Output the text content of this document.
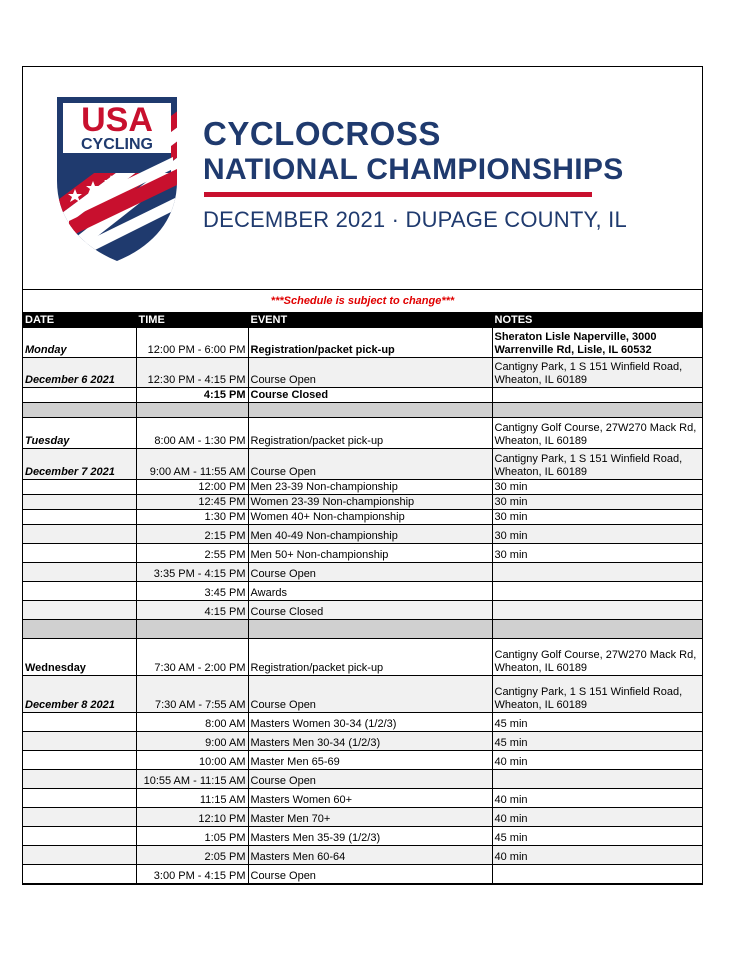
USA
CYCLING CYCLOCROSS
NATIONAL CHAMPIONSHIPS
DECEMBER 2021 · DUPAGE COUNTY, IL
***Schedule is subject to change***
DATE	TIME	EVENT	NOTES
Monday	12:00 PM - 6:00 PM	Registration/packet pick-up	Sheraton Lisle Naperville, 3000 Warrenville Rd, Lisle, IL 60532
December 6 2021	12:30 PM - 4:15 PM	Course Open	Cantigny Park, 1 S 151 Winfield Road, Wheaton, IL 60189
	4:15 PM	Course Closed	

Tuesday	8:00 AM - 1:30 PM	Registration/packet pick-up	Cantigny Golf Course, 27W270 Mack Rd, Wheaton, IL 60189
December 7 2021	9:00 AM - 11:55 AM	Course Open	Cantigny Park, 1 S 151 Winfield Road, Wheaton, IL 60189
	12:00 PM	Men 23-39 Non-championship	30 min
	12:45 PM	Women 23-39 Non-championship	30 min
	1:30 PM	Women 40+ Non-championship	30 min
	2:15 PM	Men 40-49 Non-championship	30 min
	2:55 PM	Men 50+ Non-championship	30 min
	3:35 PM - 4:15 PM	Course Open	
	3:45 PM	Awards	
	4:15 PM	Course Closed	

Wednesday	7:30 AM - 2:00 PM	Registration/packet pick-up	Cantigny Golf Course, 27W270 Mack Rd, Wheaton, IL 60189
December 8 2021	7:30 AM - 7:55 AM	Course Open	Cantigny Park, 1 S 151 Winfield Road, Wheaton, IL 60189
	8:00 AM	Masters Women 30-34 (1/2/3)	45 min
	9:00 AM	Masters Men 30-34 (1/2/3)	45 min
	10:00 AM	Master Men 65-69	40 min
	10:55 AM - 11:15 AM	Course Open	
	11:15 AM	Masters Women 60+	40 min
	12:10 PM	Master Men 70+	40 min
	1:05 PM	Masters Men 35-39 (1/2/3)	45 min
	2:05 PM	Masters Men 60-64	40 min
	3:00 PM - 4:15 PM	Course Open	
